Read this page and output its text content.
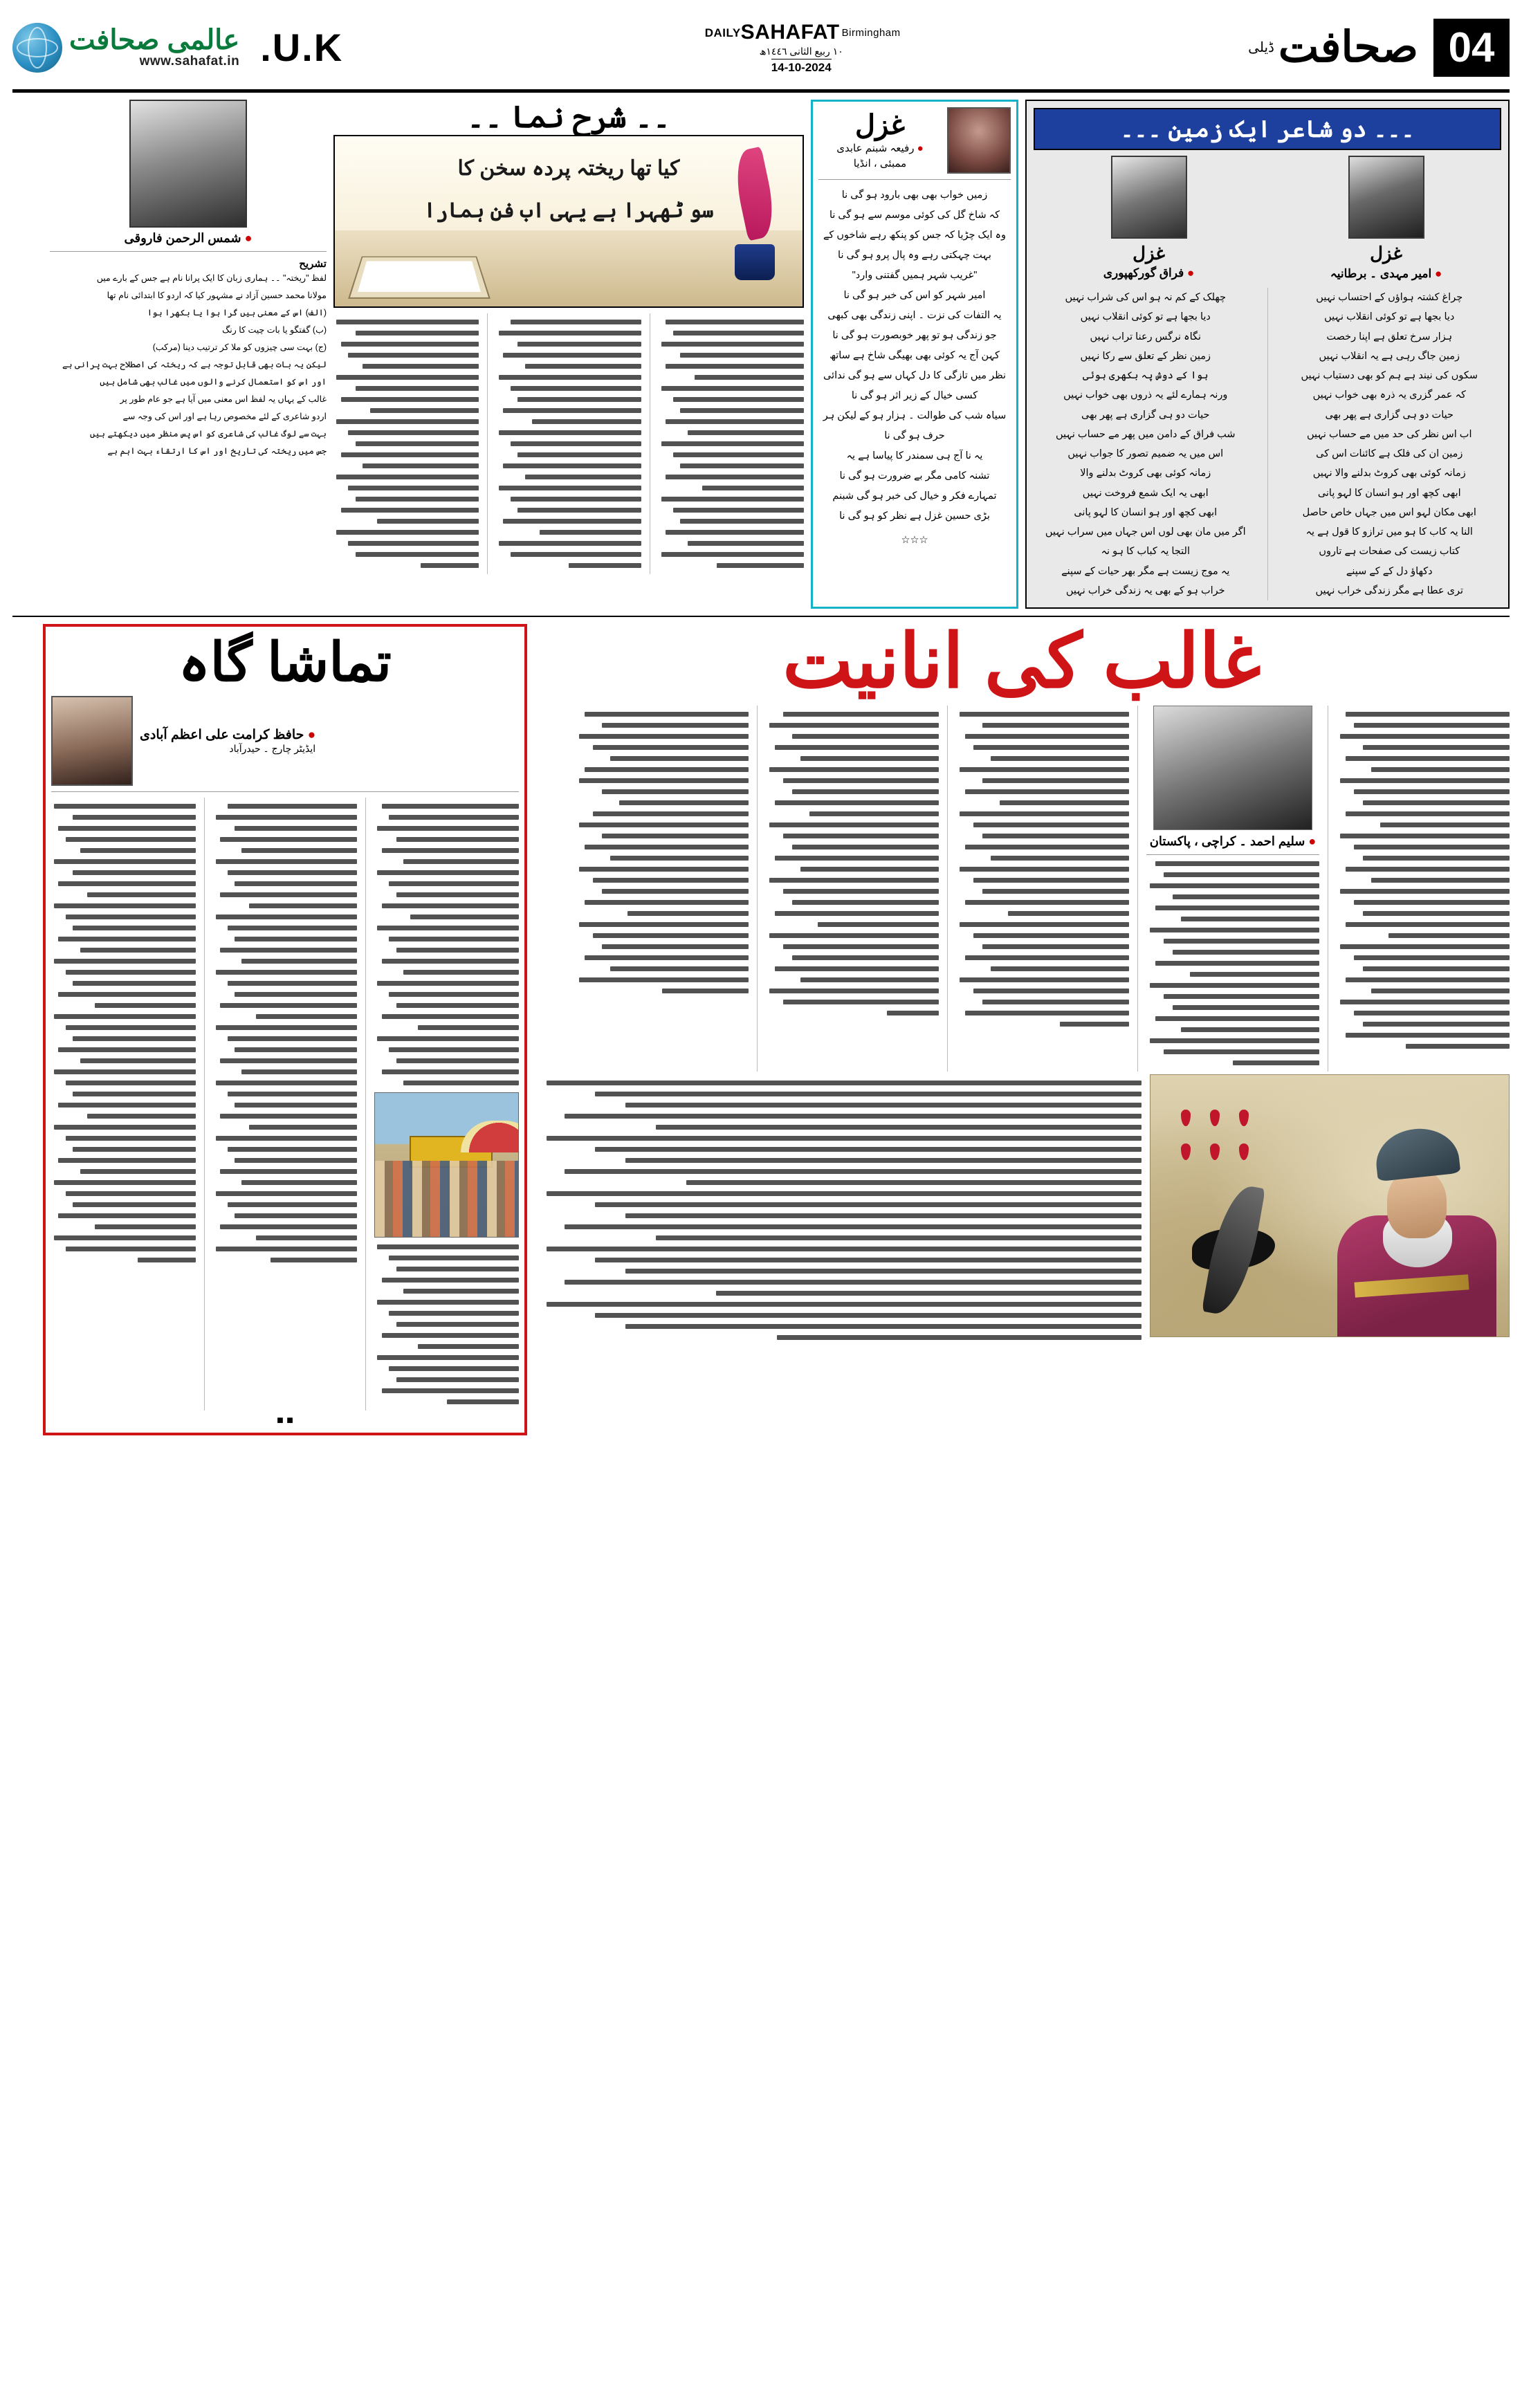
04
صحافت
ڈیلی
DAILYSAHAFAT Birmingham
١٠ ربیع الثانی ١٤٤٦ھ
14-10-2024
U.K.
عالمی صحافت
www.sahafat.in
۔۔۔ دو شاعر ایک زمین ۔۔۔
غزل
● امیر مہدی ۔ برطانیہ
غزل
● فراق گورکھپوری
چراغ کشتہ ہواؤں کے احتساب نہیں
دیا بجھا ہے تو کوئی انقلاب نہیں
ہزار سرخ تعلق ہے اپنا رخصت
زمین جاگ رہی ہے یہ انقلاب نہیں
سکوں کی نیند ہے ہم کو بھی دستیاب نہیں
کہ عمر گزری یہ ذرہ بھی خواب نہیں
حیات دو ہی گزاری ہے پھر بھی
اب اس نظر کی حد میں مے حساب نہیں
زمین ان کی فلک ہے کائنات اس کی
زمانہ کوئی بھی کروٹ بدلنے والا نہیں
ابھی کچھ اور ہو انسان کا لہو پانی
ابھی مکان لہو اس میں جہاں خاص حاصل
النا یہ کاب کا ہو میں ترازو کا قول ہے یہ
کتاب زیست کی صفحات ہے تاروں
دکھاؤ دل کے کے سپنے
تری عطا ہے مگر زندگی خراب نہیں
چھلک کے کم نہ ہو اس کی شراب نہیں
دیا بجھا ہے تو کوئی انقلاب نہیں
نگاہ نرگس رعنا تراب نہیں
زمین نظر کے تعلق سے رکا نہیں
ہوا کے دوش پہ بکھری ہوئی
ورنہ ہمارے لئے یہ ذروں بھی خواب نہیں
حیات دو ہی گزاری ہے پھر بھی
شب فراق کے دامن میں پھر مے حساب نہیں
اس میں یہ ضمیم تصور کا جواب نہیں
زمانہ کوئی بھی کروٹ بدلنے والا
ابھی یہ ایک شمع فروخت نہیں
ابھی کچھ اور ہو انسان کا لہو پانی
اگر میں مان بھی لوں اس جہاں میں سراب نہیں
التجا یہ کباب کا ہو نہ
یہ موج زیست ہے مگر بھر حیات کے سپنے
خراب ہو کے بھی یہ زندگی خراب نہیں
غزل
● رفیعہ شبنم عابدی
ممبئی ، انڈیا
زمیں خواب بھی بھی بارود ہو گی نا
کہ شاخ گل کی کوئی موسم سے ہو گی نا
وہ ایک چڑیا کہ جس کو پنکھ رہے شاخوں کے
بہت چہکتی رہے وہ پال پرو ہو گی نا
"غریب شہر ہمیں گفتنی وارد"
امیر شہر کو اس کی خبر ہو گی نا
یہ التفات کی نزت ۔ اپنی زندگی بھی کبھی
جو زندگی ہو تو پھر خوبصورت ہو گی نا
کہن آج یہ کوئی بھی بھیگی شاخ ہے ساتھ
نظر میں تازگی کا دل کہاں سے ہو گی ندائی
کسی خیال کے زیر اثر ہو گی نا
سیاہ شب کی طوالت ۔ ہزار ہو کے لیکن ہر حرف ہو گی نا
یہ نا آج ہی سمندر کا پیاسا ہے یہ
تشنہ کامی مگر بے ضرورت ہو گی نا
تمہارے فکر و خیال کی خبر ہو گی شبنم
بڑی حسین غزل ہے نظر کو ہو گی نا
☆☆☆
۔۔ شرحِ نما ۔۔
کیا تھا ریختہ پردہ سخن کا
سو ٹھہرا ہے یہی اب فن ہمارا
● شمس الرحمن فاروقی
تشریح
لفظ "ریختہ" ۔۔ ہماری زبان کا ایک پرانا نام ہے جس کے بارے میں
مولانا محمد حسین آزاد نے مشہور کیا کہ اردو کا ابتدائی نام تھا
(الف) اس کے معنی ہیں گرا ہوا یا بکھرا ہوا
(ب) گفتگو یا بات چیت کا رنگ
(ج) بہت سی چیزوں کو ملا کر ترتیب دینا (مرکب)
لیکن یہ بات بھی قابل توجہ ہے کہ ریختہ کی اصطلاح بہت پرانی ہے
اور اس کو استعمال کرنے والوں میں غالب بھی شامل ہیں
غالب کے یہاں یہ لفظ اس معنی میں آیا ہے جو عام طور پر
اردو شاعری کے لئے مخصوص رہا ہے اور اس کی وجہ سے
بہت سے لوگ غالب کی شاعری کو اس پس منظر میں دیکھتے ہیں
جس میں ریختہ کی تاریخ اور اس کا ارتقاء بہت اہم ہے
غالب کی انانیت
● سلیم احمد ۔ کراچی ، پاکستان

تماشا گاہ
● حافظ کرامت علی اعظم آبادی
ایڈیٹر چارج ۔ حیدرآباد
■ ■
